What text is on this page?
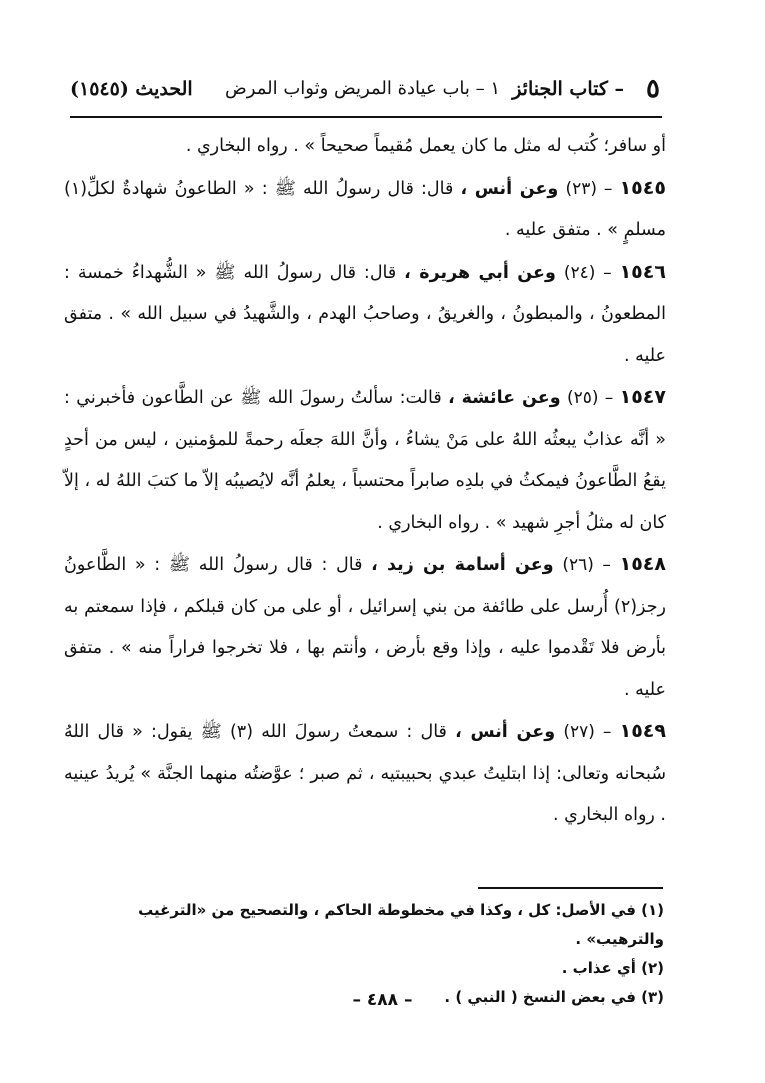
٥
– كتاب الجنائز
١ – باب عيادة المريض وثواب المرض
الحديث (١٥٤٥)

أو سافر؛ كُتب له مثل ما كان يعمل مُقيماً صحيحاً » . رواه البخاري .

١٥٤٥ – (٢٣) وعن أنس ، قال: قال رسولُ الله ﷺ : « الطاعونُ شهادةٌ لكلِّ(١) مسلمٍ » . متفق عليه .

١٥٤٦ – (٢٤) وعن أبي هريرة ، قال: قال رسولُ الله ﷺ « الشُّهداءُ خمسة : المطعونُ ، والمبطونُ ، والغريقُ ، وصاحبُ الهدم ، والشَّهيدُ في سبيل الله » . متفق عليه .

١٥٤٧ – (٢٥) وعن عائشة ، قالت: سألتُ رسولَ الله ﷺ عن الطَّاعون فأخبرني : « أنَّه عذابٌ يبعثُه اللهُ على مَنْ يشاءُ ، وأنَّ اللهَ جعلَه رحمةً للمؤمنين ، ليس من أحدٍ يقعُ الطَّاعونُ فيمكثُ في بلدِه صابراً محتسباً ، يعلمُ أنَّه لايُصيبُه إلاّ ما كتبَ اللهُ له ، إلاّ كان له مثلُ أجرِ شهيد » . رواه البخاري .

١٥٤٨ – (٢٦) وعن أسامة بن زيد ، قال : قال رسولُ الله ﷺ : « الطَّاعونُ رجز(٢) أُرسل على طائفة من بني إسرائيل ، أو على من كان قبلكم ، فإذا سمعتم به بأرض فلا تَقْدموا عليه ، وإذا وقع بأرض ، وأنتم بها ، فلا تخرجوا فراراً منه » . متفق عليه .

١٥٤٩ – (٢٧) وعن أنس ، قال : سمعتُ رسولَ الله (٣) ﷺ يقول: « قال اللهُ سُبحانه وتعالى: إذا ابتليتُ عبدي بحبيبتيه ، ثم صبر ؛ عوَّضتُه منهما الجنَّة » يُريدُ عينيه . رواه البخاري .

(١) في الأصل: كل ، وكذا في مخطوطة الحاكم ، والتصحيح من «الترغيب والترهيب» .

(٢) أي عذاب .

(٣) في بعض النسخ ( النبي ) .

– ٤٨٨ –
